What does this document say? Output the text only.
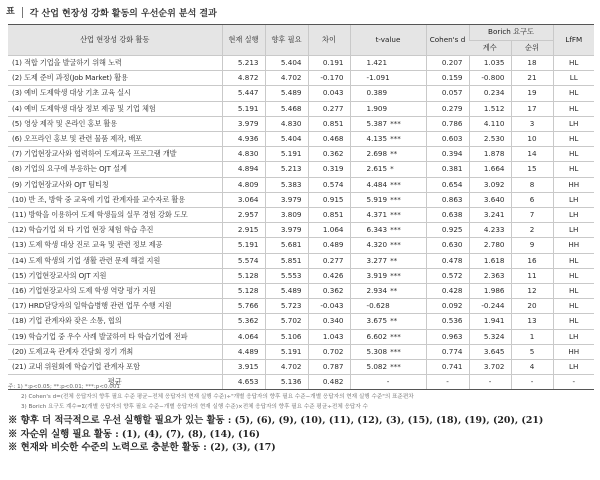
표	각 산업 현장성 강화 활동의 우선순위 분석 결과
산업 현장성 강화 활동	현재 실행	향후 필요	차이	t-value	Cohen's d	Borich 요구도		LfFM
						계수	순위	
(1) 적합 기업을 발굴하기 위해 노력	5.213	5.404	0.191	1.421	0.207	1.035	18	HL
(2) 도제 준비 과정(Job Market) 활용	4.872	4.702	-0.170	-1.091	0.159	-0.800	21	LL
(3) 예비 도제학생 대상 기초 교육 실시	5.447	5.489	0.043	0.389	0.057	0.234	19	HL
(4) 예비 도제학생 대상 정보 제공 및 기업 체험	5.191	5.468	0.277	1.909	0.279	1.512	17	HL
(5) 영상 제작 및 온라인 홍보 활용	3.979	4.830	0.851	5.387 ***	0.786	4.110	3	LH
(6) 오프라인 홍보 및 관련 물품 제작, 배포	4.936	5.404	0.468	4.135 ***	0.603	2.530	10	HL
(7) 기업현장교사와 협력하여 도제교육 프로그램 개발	4.830	5.191	0.362	2.698 **	0.394	1.878	14	HL
(8) 기업의 요구에 부응하는 OJT 설계	4.894	5.213	0.319	2.615 *	0.381	1.664	15	HL
(9) 기업현장교사와 OJT 팀티칭	4.809	5.383	0.574	4.484 ***	0.654	3.092	8	HH
(10) 반 조, 방학 중 교육에 기업 관계자를 교수자로 활용	3.064	3.979	0.915	5.919 ***	0.863	3.640	6	LH
(11) 방학을 이용하여 도제 학생들의 실무 경험 강화 도모	2.957	3.809	0.851	4.371 ***	0.638	3.241	7	LH
(12) 학습기업 외 타 기업 현장 체험 학습 추진	2.915	3.979	1.064	6.343 ***	0.925	4.233	2	LH
(13) 도제 학생 대상 진로 교육 및 관련 정보 제공	5.191	5.681	0.489	4.320 ***	0.630	2.780	9	HH
(14) 도제 학생의 기업 생활 관련 문제 해결 지원	5.574	5.851	0.277	3.277 **	0.478	1.618	16	HL
(15) 기업현장교사의 OJT 지원	5.128	5.553	0.426	3.919 ***	0.572	2.363	11	HL
(16) 기업현장교사의 도제 학생 역량 평가 지원	5.128	5.489	0.362	2.934 **	0.428	1.986	12	HL
(17) HRD담당자의 일학습병행 관련 업무 수행 지원	5.766	5.723	-0.043	-0.628	0.092	-0.244	20	HL
(18) 기업 관계자와 잦은 소통, 협의	5.362	5.702	0.340	3.675 **	0.536	1.941	13	HL
(19) 학습기업 중 우수 사례 발굴하여 타 학습기업에 전파	4.064	5.106	1.043	6.602 ***	0.963	5.324	1	LH
(20) 도제교육 관계자 간담회 정기 개최	4.489	5.191	0.702	5.308 ***	0.774	3.645	5	HH
(21) 교내 위원회에 학습기업 관계자 포함	3.915	4.702	0.787	5.082 ***	0.741	3.702	4	LH
평균	4.653	5.136	0.482	-	-	-	-	-
주: 1) *:p<0.05; **:p<0.01; ***:p<0.001
2) Cohen's d=(전체 응답자의 향후 필요 수준 평균−전체 응답자의 현재 실행 수준)÷"개별 응답자의 향후 필요 수준−개별 응답자의 현재 실행 수준"의 표준편차
3) Borich 요구도 계수=Σ(개별 응답자의 향후 필요 수준−개별 응답자의 현재 실행 수준)×전체 응답자의 향후 필요 수준 평균÷전체 응답자 수
※ 향후 더 적극적으로 우선 실행할 필요가 있는 활동 : (5), (6), (9), (10), (11), (12), (3), (15), (18), (19), (20), (21)
※ 자순위 실행 필요 활동 : (1), (4), (7), (8), (14), (16)
※ 현재와 비슷한 수준의 노력으로 충분한 활동 : (2), (3), (17)
